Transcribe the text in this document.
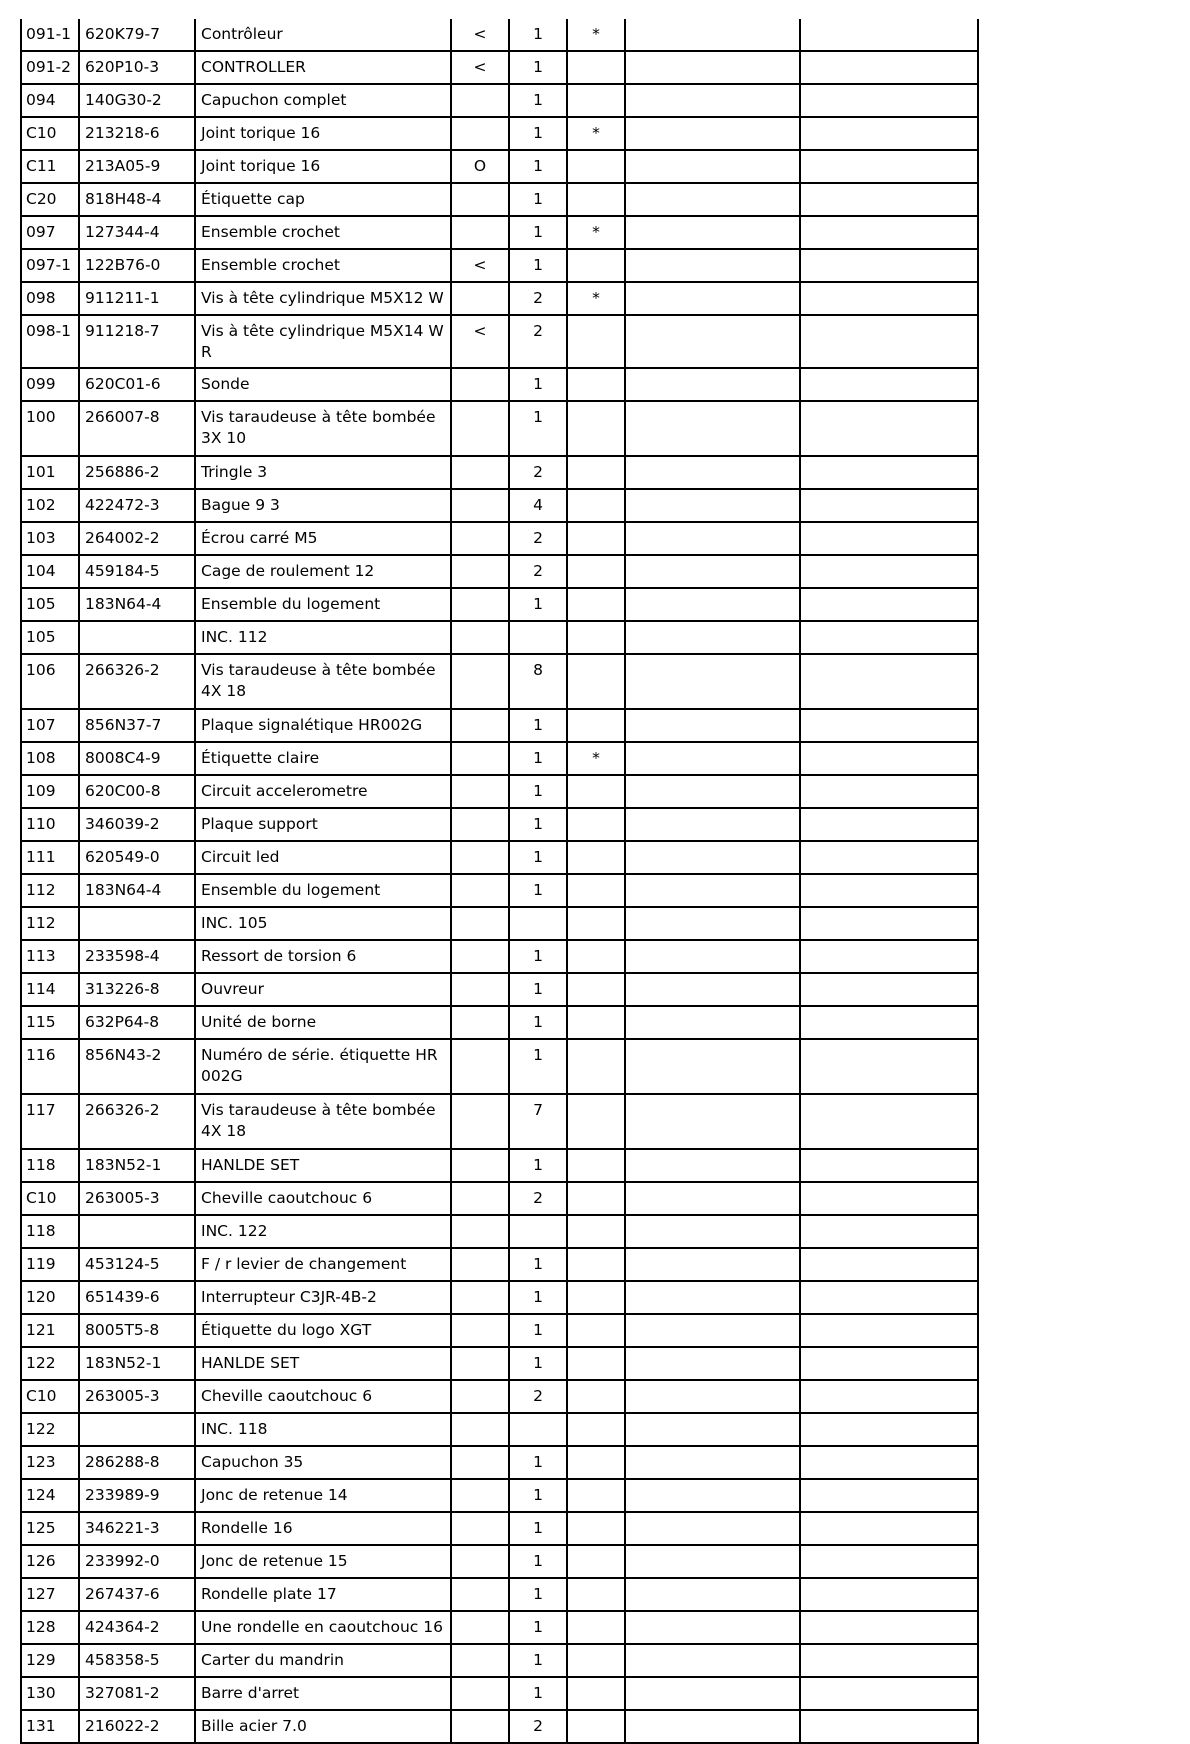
091-1	620K79-7	Contrôleur	<	1	*		
091-2	620P10-3	CONTROLLER	<	1			
094	140G30-2	Capuchon complet		1			
C10	213218-6	Joint torique 16		1	*		
C11	213A05-9	Joint torique 16	O	1			
C20	818H48-4	Étiquette cap		1			
097	127344-4	Ensemble crochet		1	*		
097-1	122B76-0	Ensemble crochet	<	1			
098	911211-1	Vis à tête cylindrique M5X12 W		2	*		
098-1	911218-7	Vis à tête cylindrique M5X14 WR	<	2			
099	620C01-6	Sonde		1			
100	266007-8	Vis taraudeuse à tête bombée 3X 10		1			
101	256886-2	Tringle 3		2			
102	422472-3	Bague 9 3		4			
103	264002-2	Écrou carré M5		2			
104	459184-5	Cage de roulement 12		2			
105	183N64-4	Ensemble du logement		1			
105		INC. 112					
106	266326-2	Vis taraudeuse à tête bombée 4X 18		8			
107	856N37-7	Plaque signalétique HR002G		1			
108	8008C4-9	Étiquette claire		1	*		
109	620C00-8	Circuit accelerometre		1			
110	346039-2	Plaque support		1			
111	620549-0	Circuit led		1			
112	183N64-4	Ensemble du logement		1			
112		INC. 105					
113	233598-4	Ressort de torsion 6		1			
114	313226-8	Ouvreur		1			
115	632P64-8	Unité de borne		1			
116	856N43-2	Numéro de série. étiquette HR002G		1			
117	266326-2	Vis taraudeuse à tête bombée 4X 18		7			
118	183N52-1	HANLDE SET		1			
C10	263005-3	Cheville caoutchouc 6		2			
118		INC. 122					
119	453124-5	F / r levier de changement		1			
120	651439-6	Interrupteur C3JR-4B-2		1			
121	8005T5-8	Étiquette du logo XGT		1			
122	183N52-1	HANLDE SET		1			
C10	263005-3	Cheville caoutchouc 6		2			
122		INC. 118					
123	286288-8	Capuchon 35		1			
124	233989-9	Jonc de retenue 14		1			
125	346221-3	Rondelle 16		1			
126	233992-0	Jonc de retenue 15		1			
127	267437-6	Rondelle plate 17		1			
128	424364-2	Une rondelle en caoutchouc 16		1			
129	458358-5	Carter du mandrin		1			
130	327081-2	Barre d'arret		1			
131	216022-2	Bille acier 7.0		2			
